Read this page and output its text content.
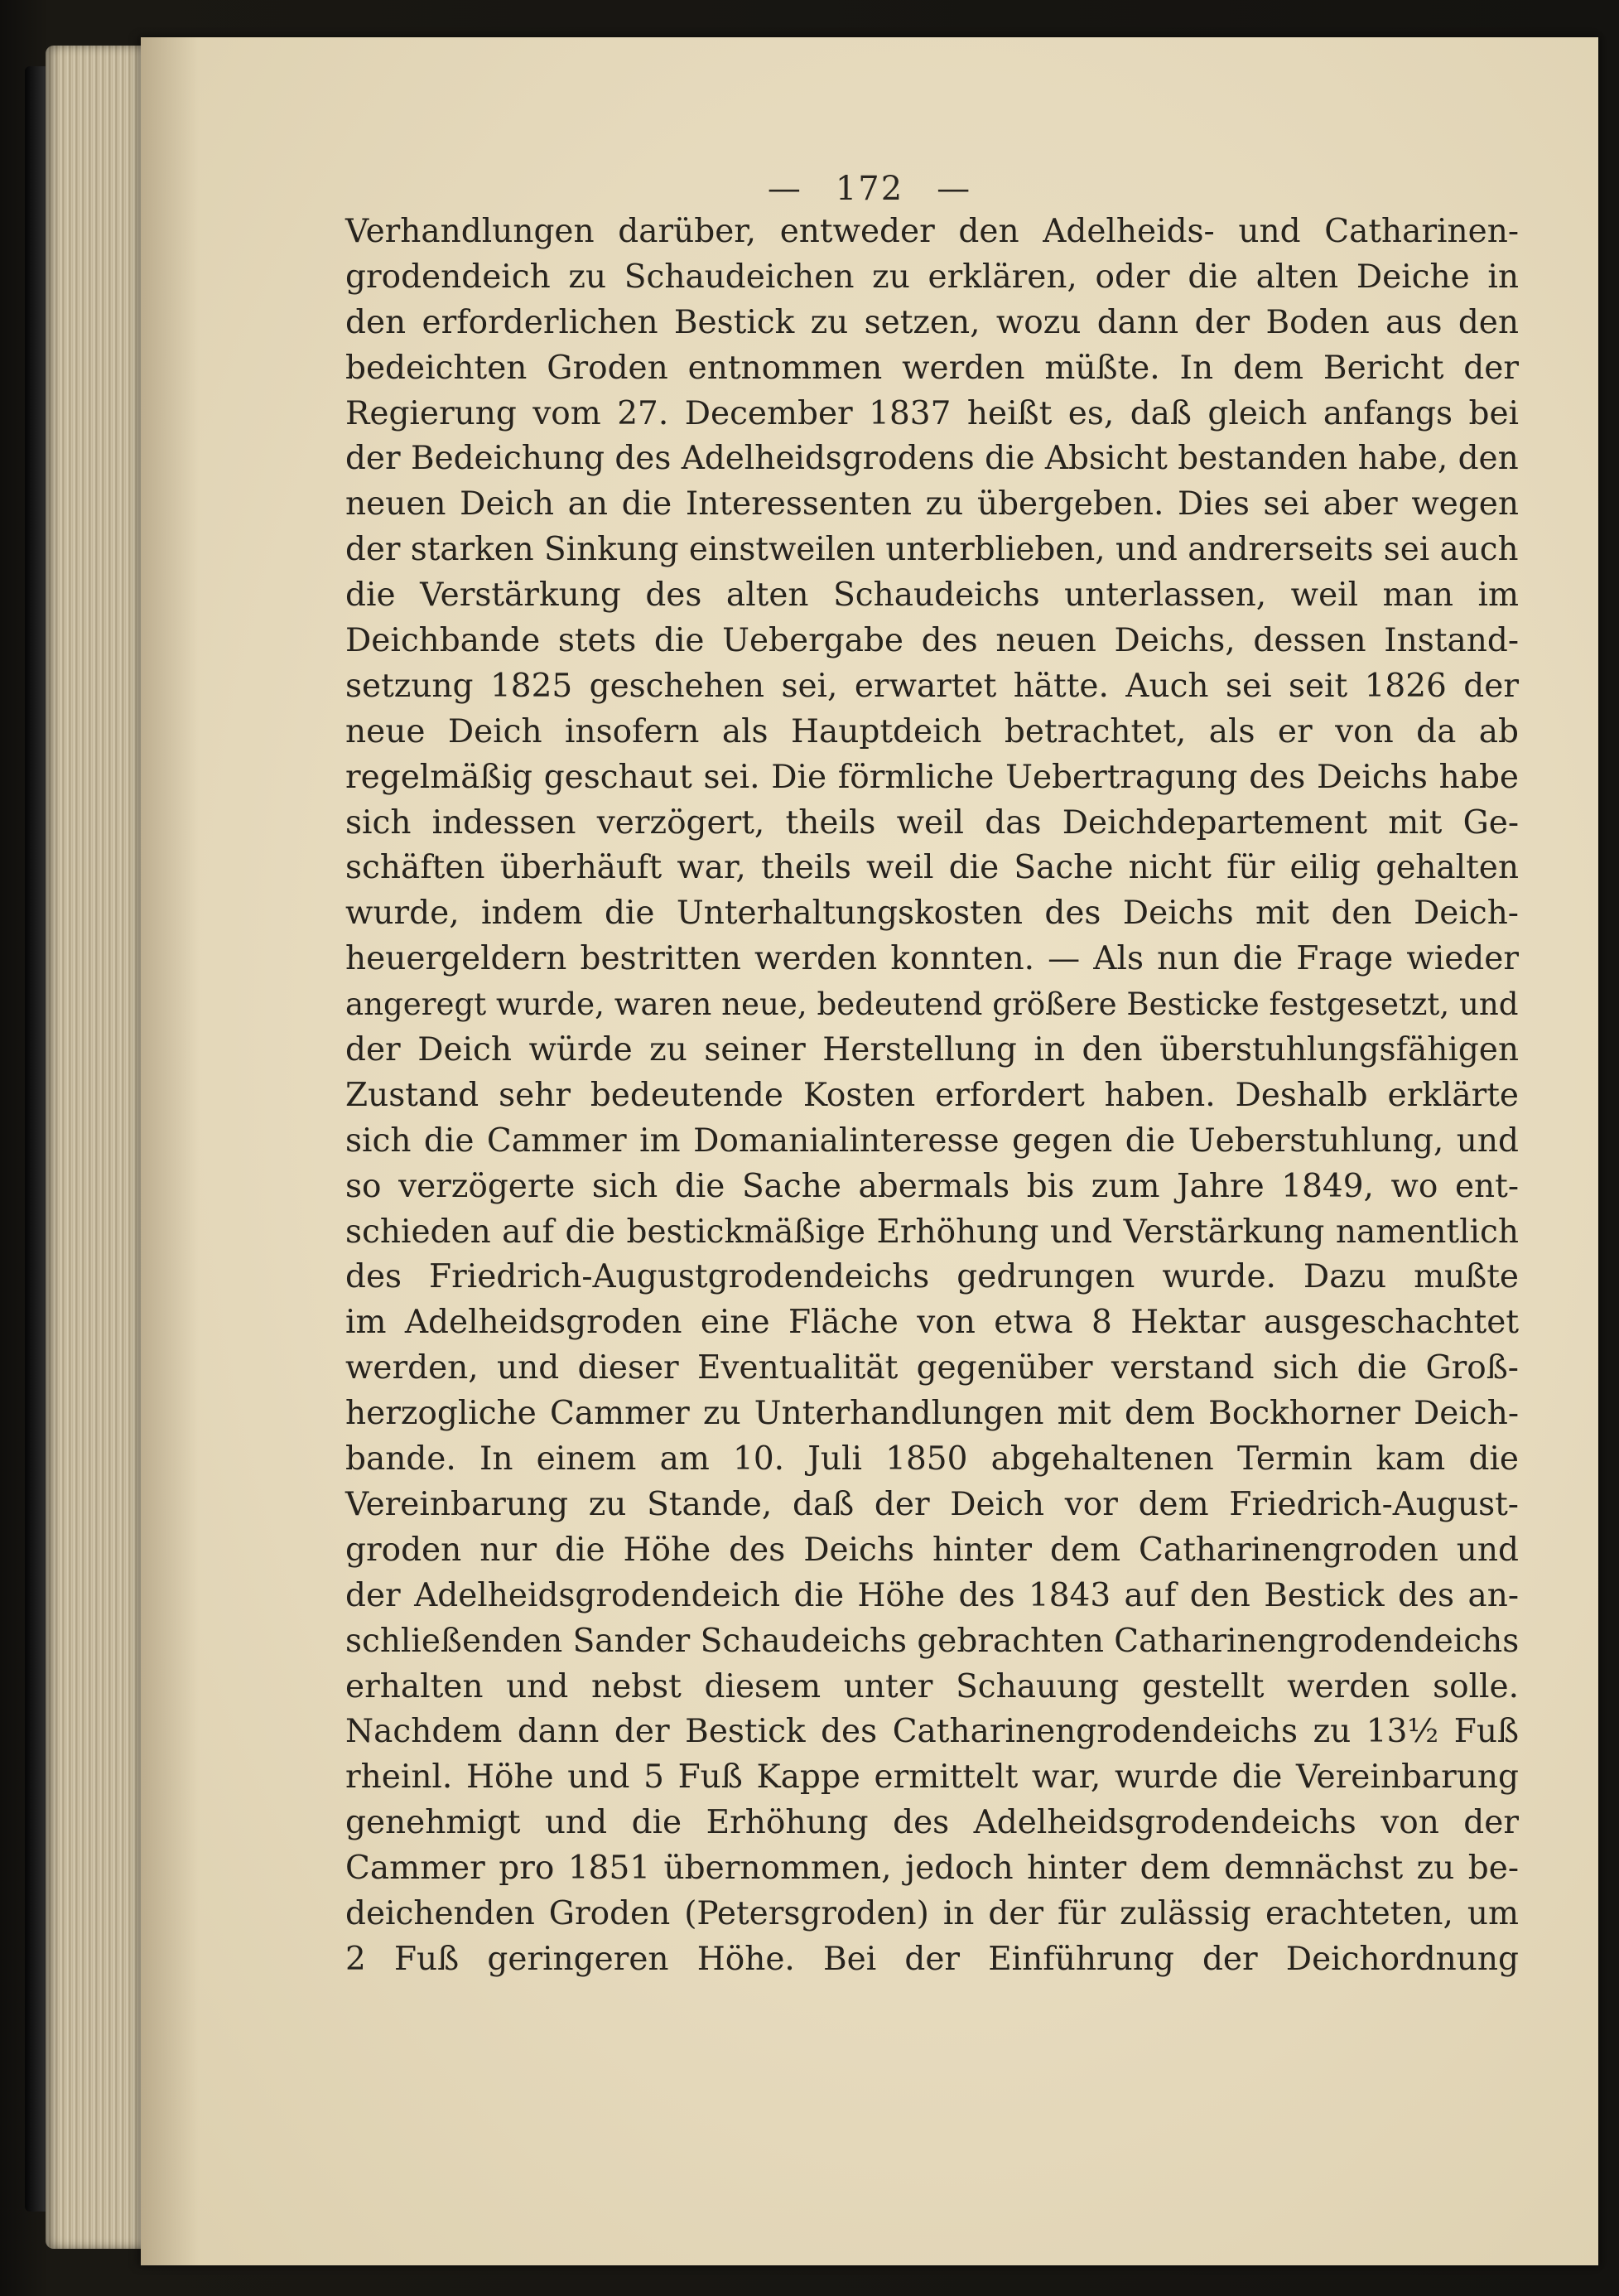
— 172 —
Verhandlungen darüber, entweder den Adelheids- und Catharinen-
grodendeich zu Schaudeichen zu erklären, oder die alten Deiche in
den erforderlichen Bestick zu setzen, wozu dann der Boden aus den
bedeichten Groden entnommen werden müßte. In dem Bericht der
Regierung vom 27. December 1837 heißt es, daß gleich anfangs bei
der Bedeichung des Adelheidsgrodens die Absicht bestanden habe, den
neuen Deich an die Interessenten zu übergeben. Dies sei aber wegen
der starken Sinkung einstweilen unterblieben, und andrerseits sei auch
die Verstärkung des alten Schaudeichs unterlassen, weil man im
Deichbande stets die Uebergabe des neuen Deichs, dessen Instand-
setzung 1825 geschehen sei, erwartet hätte. Auch sei seit 1826 der
neue Deich insofern als Hauptdeich betrachtet, als er von da ab
regelmäßig geschaut sei. Die förmliche Uebertragung des Deichs habe
sich indessen verzögert, theils weil das Deichdepartement mit Ge-
schäften überhäuft war, theils weil die Sache nicht für eilig gehalten
wurde, indem die Unterhaltungskosten des Deichs mit den Deich-
heuergeldern bestritten werden konnten. — Als nun die Frage wieder
angeregt wurde, waren neue, bedeutend größere Besticke festgesetzt, und
der Deich würde zu seiner Herstellung in den überstuhlungsfähigen
Zustand sehr bedeutende Kosten erfordert haben. Deshalb erklärte
sich die Cammer im Domanialinteresse gegen die Ueberstuhlung, und
so verzögerte sich die Sache abermals bis zum Jahre 1849, wo ent-
schieden auf die bestickmäßige Erhöhung und Verstärkung namentlich
des Friedrich-Augustgrodendeichs gedrungen wurde. Dazu mußte
im Adelheidsgroden eine Fläche von etwa 8 Hektar ausgeschachtet
werden, und dieser Eventualität gegenüber verstand sich die Groß-
herzogliche Cammer zu Unterhandlungen mit dem Bockhorner Deich-
bande. In einem am 10. Juli 1850 abgehaltenen Termin kam die
Vereinbarung zu Stande, daß der Deich vor dem Friedrich-August-
groden nur die Höhe des Deichs hinter dem Catharinengroden und
der Adelheidsgrodendeich die Höhe des 1843 auf den Bestick des an-
schließenden Sander Schaudeichs gebrachten Catharinengrodendeichs
erhalten und nebst diesem unter Schauung gestellt werden solle.
Nachdem dann der Bestick des Catharinengrodendeichs zu 13½ Fuß
rheinl. Höhe und 5 Fuß Kappe ermittelt war, wurde die Vereinbarung
genehmigt und die Erhöhung des Adelheidsgrodendeichs von der
Cammer pro 1851 übernommen, jedoch hinter dem demnächst zu be-
deichenden Groden (Petersgroden) in der für zulässig erachteten, um
2 Fuß geringeren Höhe. Bei der Einführung der Deichordnung
